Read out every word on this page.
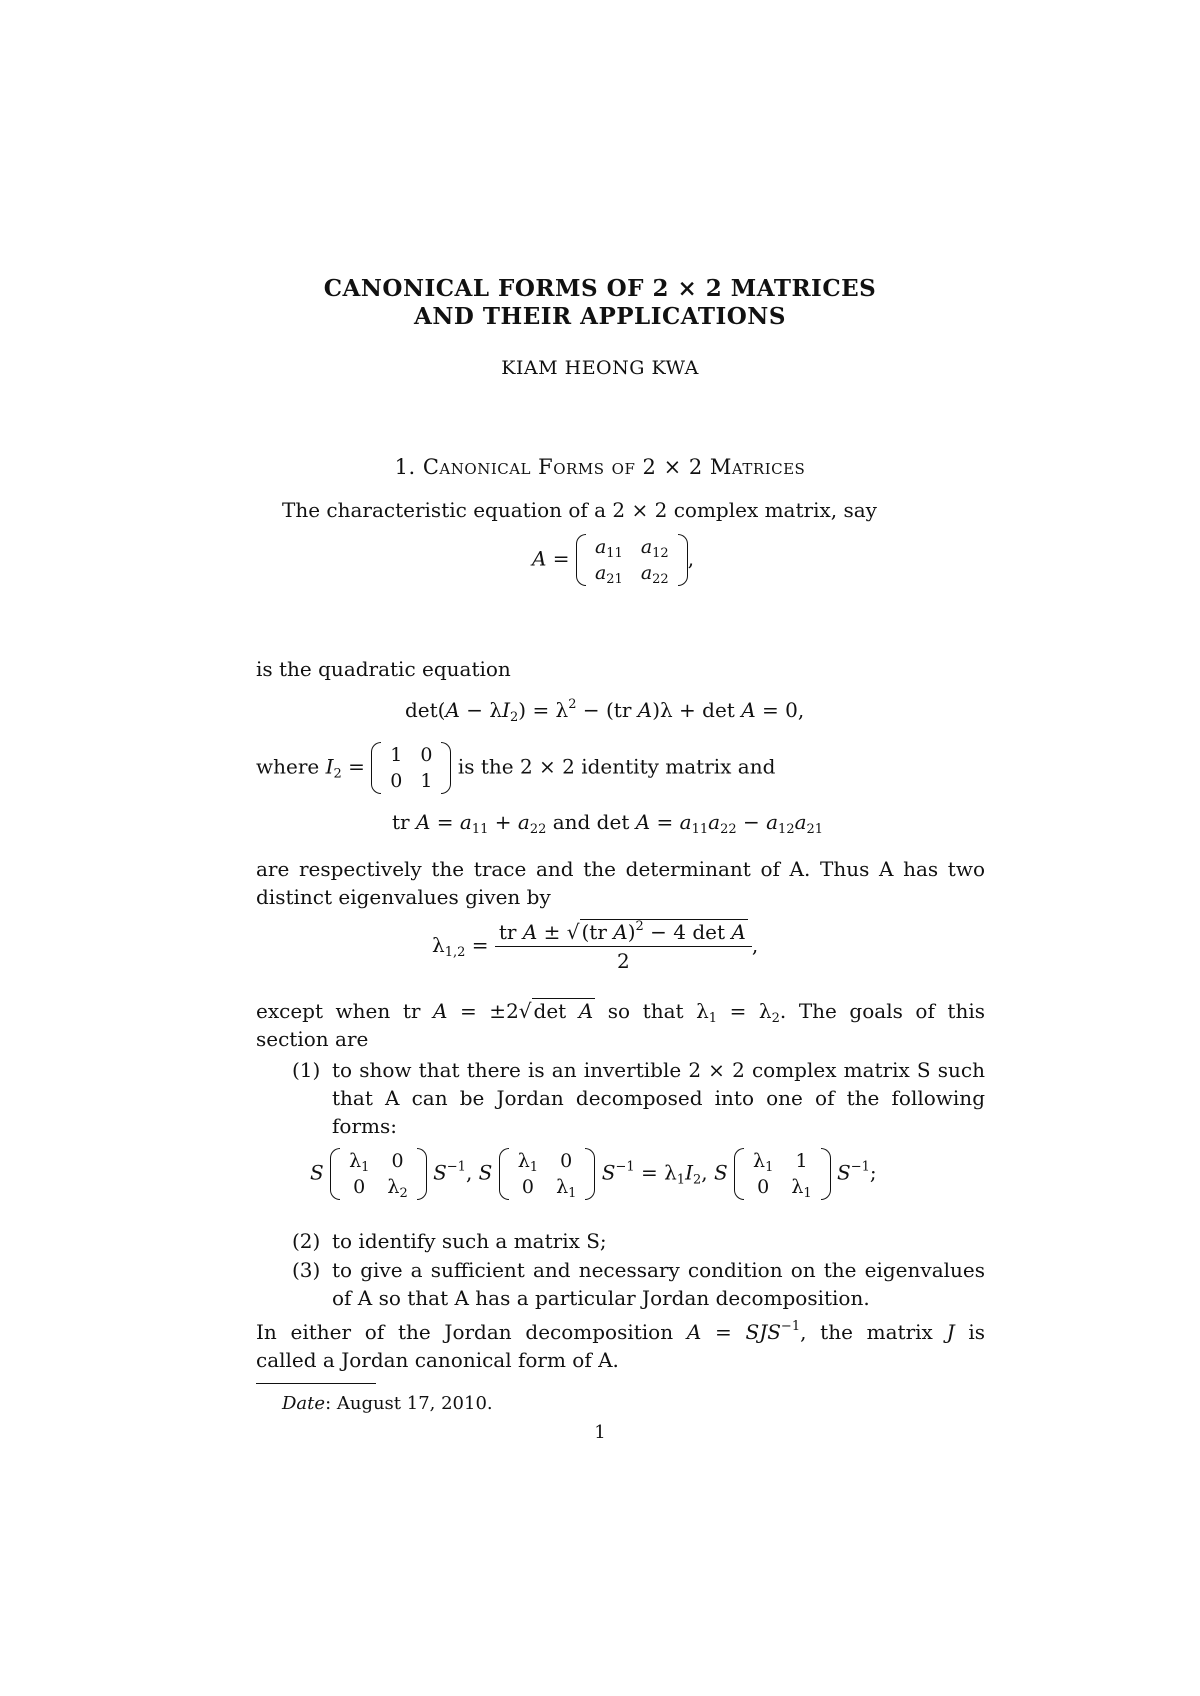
CANONICAL FORMS OF 2 × 2 MATRICES
AND THEIR APPLICATIONS
KIAM HEONG KWA
1. Canonical Forms of 2 × 2 Matrices
The characteristic equation of a 2 × 2 complex matrix, say
$A = a_{11}$	$a_{12}$
$a_{21}$	$a_{22}$
,
is the quadratic equation
$\det(A - \lambda I_2) = \lambda^2 - (tr$ A)λ + det A = 0,
where $I_2 = 1$	0
0	1
is the 2 × 2 identity matrix and
tr $A = a_{11} + a_{22}$ and $\det A = a_{11}a_{22} - a_{12}a_{21}$
are respectively the trace and the determinant of A. Thus A has two
distinct eigenvalues given by
$\lambda_{1,2} = \frac{tr A \pm √ (tr A)^2 - 4 \det A}{2}$ ,
except when tr A = ±2√ det A so that $\lambda_1 = \lambda_2$. The goals of this
section are
(1) to show that there is an invertible 2 × 2 complex matrix S such
that A can be Jordan decomposed into one of the following
forms:
S $\lambda_1$	0
0	$\lambda_2$
$S^{-1}$, S $\lambda_1$	0
0	$\lambda_1$
$S^{-1} = \lambda_1I_2$, S $\lambda_1$	1
0	$\lambda_1$
$S^{-1}$;
(2) to identify such a matrix S;
(3) to give a sufficient and necessary condition on the eigenvalues
of A so that A has a particular Jordan decomposition.
In either of the Jordan decomposition $A = SJS^{-1}$, the matrix J is
called a Jordan canonical form of A.
Date: August 17, 2010.
1
